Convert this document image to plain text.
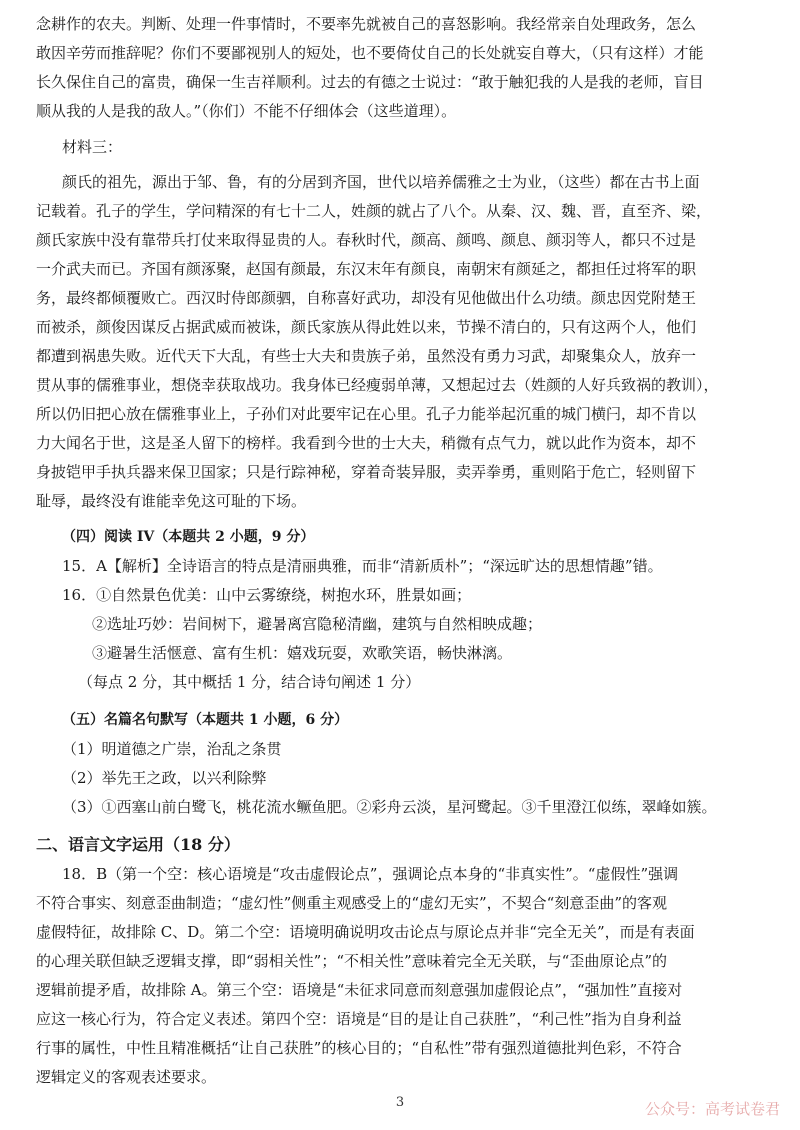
念耕作的农夫。判断、处理一件事情时，不要率先就被自己的喜怒影响。我经常亲自处理政务，怎么
敢因辛劳而推辞呢？你们不要鄙视别人的短处，也不要倚仗自己的长处就妄自尊大，（只有这样）才能
长久保住自己的富贵，确保一生吉祥顺利。过去的有德之士说过：“敢于触犯我的人是我的老师，盲目
顺从我的人是我的敌人。”（你们）不能不仔细体会（这些道理）。
材料三：
颜氏的祖先，源出于邹、鲁，有的分居到齐国，世代以培养儒雅之士为业，（这些）都在古书上面
记载着。孔子的学生，学问精深的有七十二人，姓颜的就占了八个。从秦、汉、魏、晋，直至齐、梁，
颜氏家族中没有靠带兵打仗来取得显贵的人。春秋时代，颜高、颜鸣、颜息、颜羽等人，都只不过是
一介武夫而已。齐国有颜涿聚，赵国有颜最，东汉末年有颜良，南朝宋有颜延之，都担任过将军的职
务，最终都倾覆败亡。西汉时侍郎颜驷，自称喜好武功，却没有见他做出什么功绩。颜忠因党附楚王
而被杀，颜俊因谋反占据武威而被诛，颜氏家族从得此姓以来，节操不清白的，只有这两个人，他们
都遭到祸患失败。近代天下大乱，有些士大夫和贵族子弟，虽然没有勇力习武，却聚集众人，放弃一
贯从事的儒雅事业，想侥幸获取战功。我身体已经瘦弱单薄，又想起过去（姓颜的人好兵致祸的教训），
所以仍旧把心放在儒雅事业上，子孙们对此要牢记在心里。孔子力能举起沉重的城门横闩，却不肯以
力大闻名于世，这是圣人留下的榜样。我看到今世的士大夫，稍微有点气力，就以此作为资本，却不
身披铠甲手执兵器来保卫国家；只是行踪神秘，穿着奇装异服，卖弄拳勇，重则陷于危亡，轻则留下
耻辱，最终没有谁能幸免这可耻的下场。
（四）阅读 IV（本题共 2 小题，9 分）
15．A【解析】全诗语言的特点是清丽典雅，而非“清新质朴”；“深远旷达的思想情趣”错。
16．①自然景色优美：山中云雾缭绕，树抱水环，胜景如画；
②选址巧妙：岩间树下，避暑离宫隐秘清幽，建筑与自然相映成趣；
③避暑生活惬意、富有生机：嬉戏玩耍，欢歌笑语，畅快淋漓。
（每点 2 分，其中概括 1 分，结合诗句阐述 1 分）
（五）名篇名句默写（本题共 1 小题，6 分）
（1）明道德之广崇，治乱之条贯
（2）举先王之政，以兴利除弊
（3）①西塞山前白鹭飞，桃花流水鳜鱼肥。②彩舟云淡，星河鹭起。③千里澄江似练，翠峰如簇。
二、语言文字运用（18 分）
18．B（第一个空：核心语境是“攻击虚假论点”，强调论点本身的“非真实性”。“虚假性”强调
不符合事实、刻意歪曲制造；“虚幻性”侧重主观感受上的“虚幻无实”，不契合“刻意歪曲”的客观
虚假特征，故排除 C、D。第二个空：语境明确说明攻击论点与原论点并非“完全无关”，而是有表面
的心理关联但缺乏逻辑支撑，即“弱相关性”；“不相关性”意味着完全无关联，与“歪曲原论点”的
逻辑前提矛盾，故排除 A。第三个空：语境是“未征求同意而刻意强加虚假论点”，“强加性”直接对
应这一核心行为，符合定义表述。第四个空：语境是“目的是让自己获胜”，“利己性”指为自身利益
行事的属性，中性且精准概括“让自己获胜”的核心目的；“自私性”带有强烈道德批判色彩，不符合
逻辑定义的客观表述要求。
3	公众号：高考试卷君
